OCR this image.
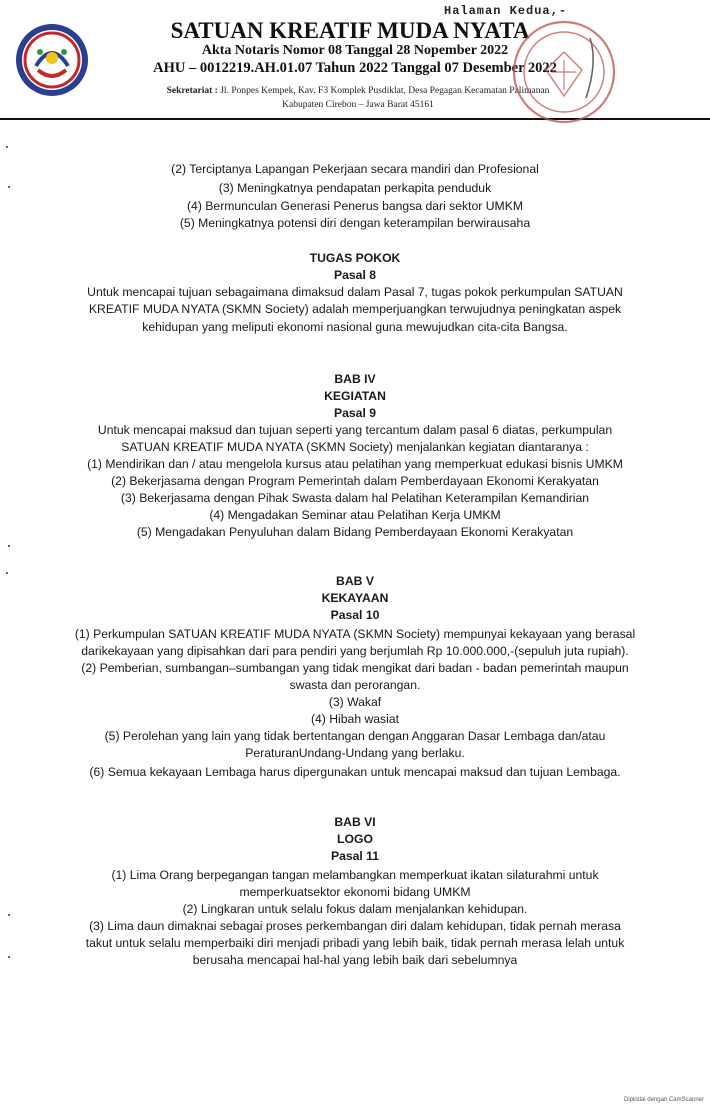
Halaman Kedua,-
SATUAN KREATIF MUDA NYATA
Akta Notaris Nomor 08 Tanggal 28 Nopember 2022
AHU – 0012219.AH.01.07 Tahun 2022 Tanggal 07 Desember 2022
Sekretariat : Jl. Ponpes Kempek, Kav. F3 Komplek Pusdiklat, Desa Pegagan Kecamatan Palimanan
Kabupaten Cirebon – Jawa Barat 45161
(2) Terciptanya Lapangan Pekerjaan secara mandiri dan Profesional
(3) Meningkatnya pendapatan perkapita penduduk
(4) Bermunculan Generasi Penerus bangsa dari sektor UMKM
(5) Meningkatnya potensi diri dengan keterampilan berwirausaha
TUGAS POKOK
Pasal 8
Untuk mencapai tujuan sebagaimana dimaksud dalam Pasal 7, tugas pokok perkumpulan SATUAN
KREATIF MUDA NYATA (SKMN Society) adalah memperjuangkan terwujudnya peningkatan aspek
kehidupan yang meliputi ekonomi nasional guna mewujudkan cita-cita Bangsa.
BAB IV
KEGIATAN
Pasal 9
Untuk mencapai maksud dan tujuan seperti yang tercantum dalam pasal 6 diatas, perkumpulan
SATUAN KREATIF MUDA NYATA (SKMN Society) menjalankan kegiatan diantaranya :
(1) Mendirikan dan / atau mengelola kursus atau pelatihan yang memperkuat edukasi bisnis UMKM
(2) Bekerjasama dengan Program Pemerintah dalam Pemberdayaan Ekonomi Kerakyatan
(3) Bekerjasama dengan Pihak Swasta dalam hal Pelatihan Keterampilan Kemandirian
(4) Mengadakan Seminar atau Pelatihan Kerja UMKM
(5) Mengadakan Penyuluhan dalam Bidang Pemberdayaan Ekonomi Kerakyatan
BAB V
KEKAYAAN
Pasal 10
(1) Perkumpulan SATUAN KREATIF MUDA NYATA (SKMN Society) mempunyai kekayaan yang berasal
darikekayaan yang dipisahkan dari para pendiri yang berjumlah Rp 10.000.000,-(sepuluh juta rupiah).
(2) Pemberian, sumbangan–sumbangan yang tidak mengikat dari badan - badan pemerintah maupun
swasta dan perorangan.
(3) Wakaf
(4) Hibah wasiat
(5) Perolehan yang lain yang tidak bertentangan dengan Anggaran Dasar Lembaga dan/atau
PeraturanUndang-Undang yang berlaku.
(6) Semua kekayaan Lembaga harus dipergunakan untuk mencapai maksud dan tujuan Lembaga.
BAB VI
LOGO
Pasal 11
(1) Lima Orang berpegangan tangan melambangkan memperkuat ikatan silaturahmi untuk
memperkuatsektor ekonomi bidang UMKM
(2) Lingkaran untuk selalu fokus dalam menjalankan kehidupan.
(3) Lima daun dimaknai sebagai proses perkembangan diri dalam kehidupan, tidak pernah merasa
takut untuk selalu memperbaiki diri menjadi pribadi yang lebih baik, tidak pernah merasa lelah untuk
berusaha mencapai hal-hal yang lebih baik dari sebelumnya
Dipindai dengan CamScanner
